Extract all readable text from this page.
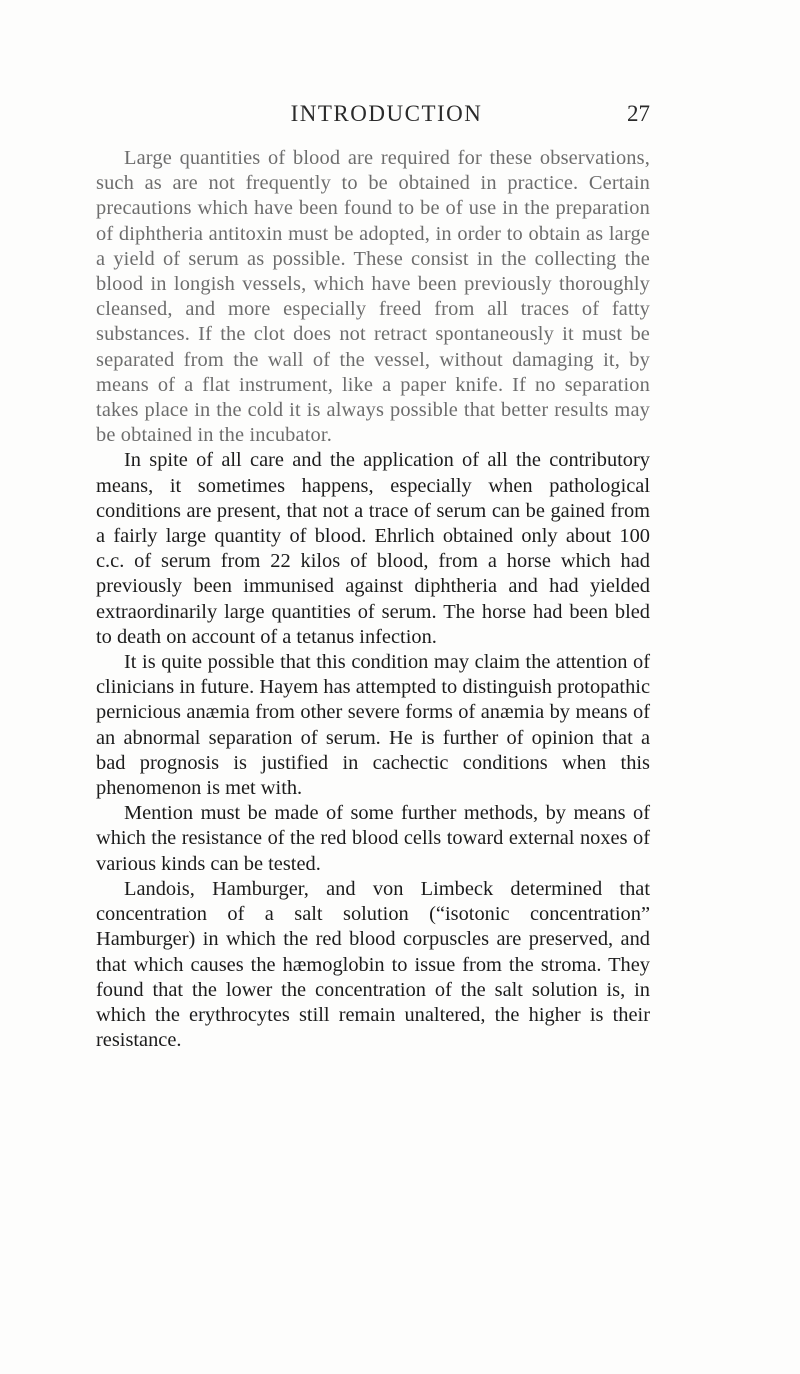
INTRODUCTION	27

Large quantities of blood are required for these observations, such as are not frequently to be obtained in practice. Certain precautions which have been found to be of use in the preparation of diphtheria antitoxin must be adopted, in order to obtain as large a yield of serum as possible. These consist in the collecting the blood in longish vessels, which have been previously thoroughly cleansed, and more especially freed from all traces of fatty substances. If the clot does not retract spontaneously it must be separated from the wall of the vessel, without damaging it, by means of a flat instrument, like a paper knife. If no separation takes place in the cold it is always possible that better results may be obtained in the incubator.

In spite of all care and the application of all the contributory means, it sometimes happens, especially when pathological conditions are present, that not a trace of serum can be gained from a fairly large quantity of blood. Ehrlich obtained only about 100 c.c. of serum from 22 kilos of blood, from a horse which had previously been immunised against diphtheria and had yielded extraordinarily large quantities of serum. The horse had been bled to death on account of a tetanus infection.

It is quite possible that this condition may claim the attention of clinicians in future. Hayem has attempted to distinguish protopathic pernicious anæmia from other severe forms of anæmia by means of an abnormal separation of serum. He is further of opinion that a bad prognosis is justified in cachectic conditions when this phenomenon is met with.

Mention must be made of some further methods, by means of which the resistance of the red blood cells toward external noxes of various kinds can be tested.

Landois, Hamburger, and von Limbeck determined that concentration of a salt solution (“isotonic concentration” Hamburger) in which the red blood corpuscles are preserved, and that which causes the hæmoglobin to issue from the stroma. They found that the lower the concentration of the salt solution is, in which the erythrocytes still remain unaltered, the higher is their resistance.
